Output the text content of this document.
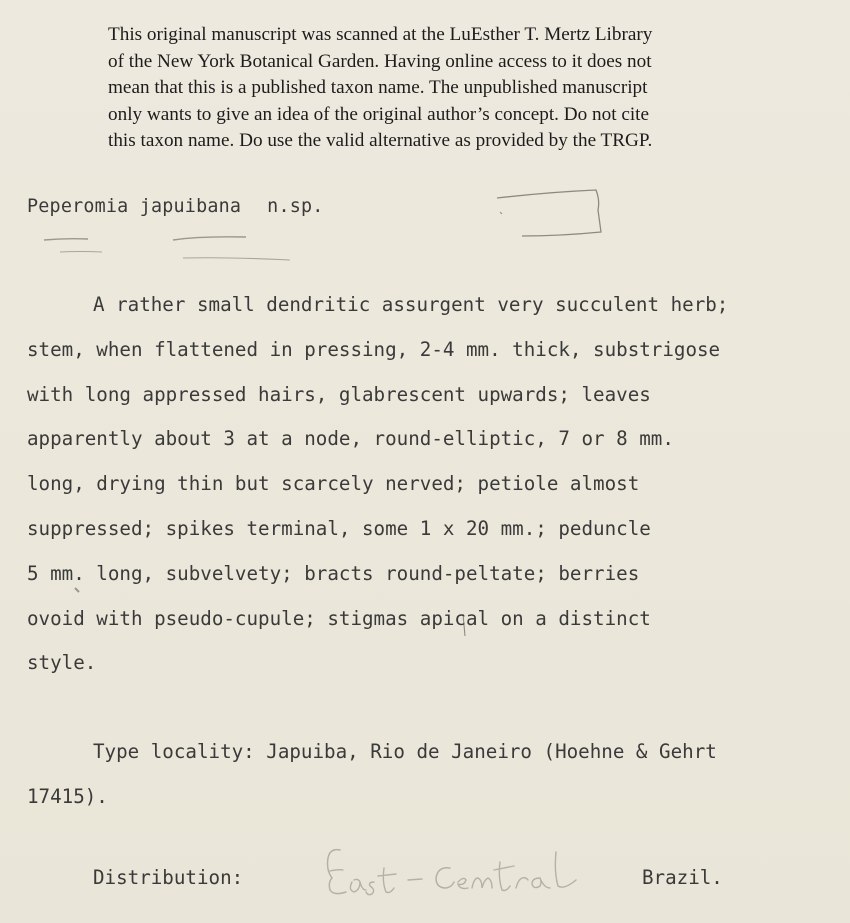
This original manuscript was scanned at the LuEsther T. Mertz Library
of the New York Botanical Garden. Having online access to it does not
mean that this is a published taxon name. The unpublished manuscript
only wants to give an idea of the original author’s concept. Do not cite
this taxon name. Do use the valid alternative as provided by the TRGP.
Peperomia japuibana n.sp.
A rather small dendritic assurgent very succulent herb;
stem, when flattened in pressing, 2-4 mm. thick, substrigose
with long appressed hairs, glabrescent upwards; leaves
apparently about 3 at a node, round-elliptic, 7 or 8 mm.
long, drying thin but scarcely nerved; petiole almost
suppressed; spikes terminal, some 1 x 20 mm.; peduncle
5 mm. long, subvelvety; bracts round-peltate; berries
ovoid with pseudo-cupule; stigmas apical on a distinct
style.
Type locality: Japuiba, Rio de Janeiro (Hoehne & Gehrt
17415).
Distribution:
East-central
Brazil.
